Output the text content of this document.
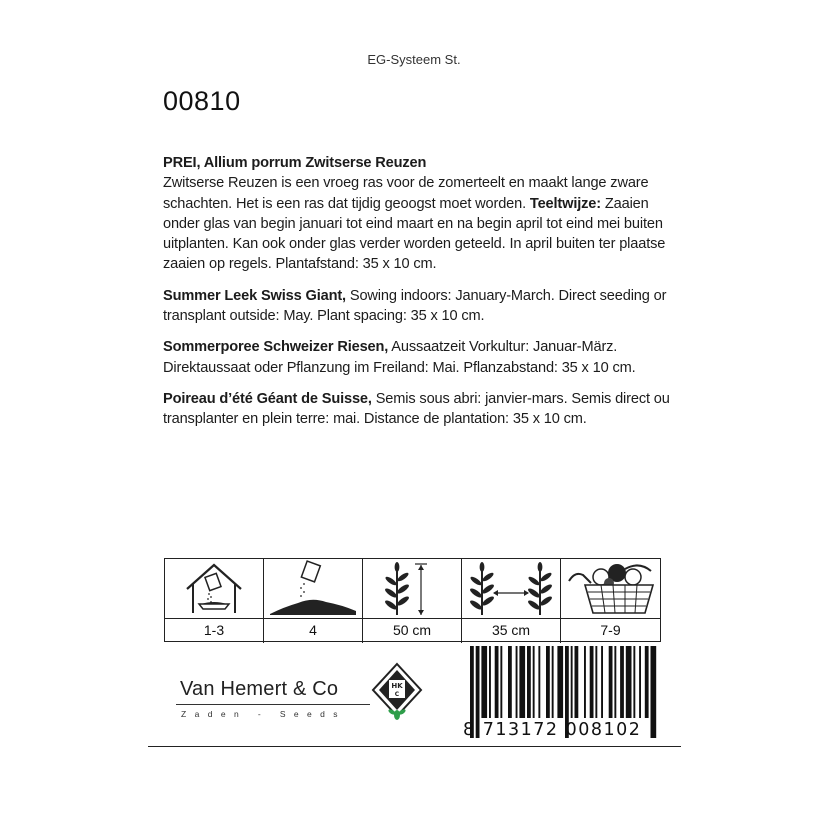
EG-Systeem St.
00810

PREI, Allium porrum Zwitserse Reuzen
Zwitserse Reuzen is een vroeg ras voor de zomerteelt en maakt lange zware schachten. Het is een ras dat tijdig geoogst moet worden. Teeltwijze: Zaaien onder glas van begin januari tot eind maart en na begin april tot eind mei buiten uitplanten. Kan ook onder glas verder worden geteeld. In april buiten ter plaatse zaaien op regels. Plantafstand: 35 x 10 cm.

Summer Leek Swiss Giant, Sowing indoors: January-March. Direct seeding or transplant outside: May. Plant spacing: 35 x 10 cm.

Sommerporee Schweizer Riesen, Aussaatzeit Vorkultur: Januar-März. Direktaussaat oder Pflanzung im Freiland: Mai. Pflanzabstand: 35 x 10 cm.

Poireau d’été Géant de Suisse, Semis sous abri: janvier-mars. Semis direct ou transplanter en plein terre: mai. Distance de plantation: 35 x 10 cm.

1-3	4	50 cm	35 cm	7-9
Van Hemert & Co
Zaden - Seeds
HK
C
8 713172 008102
